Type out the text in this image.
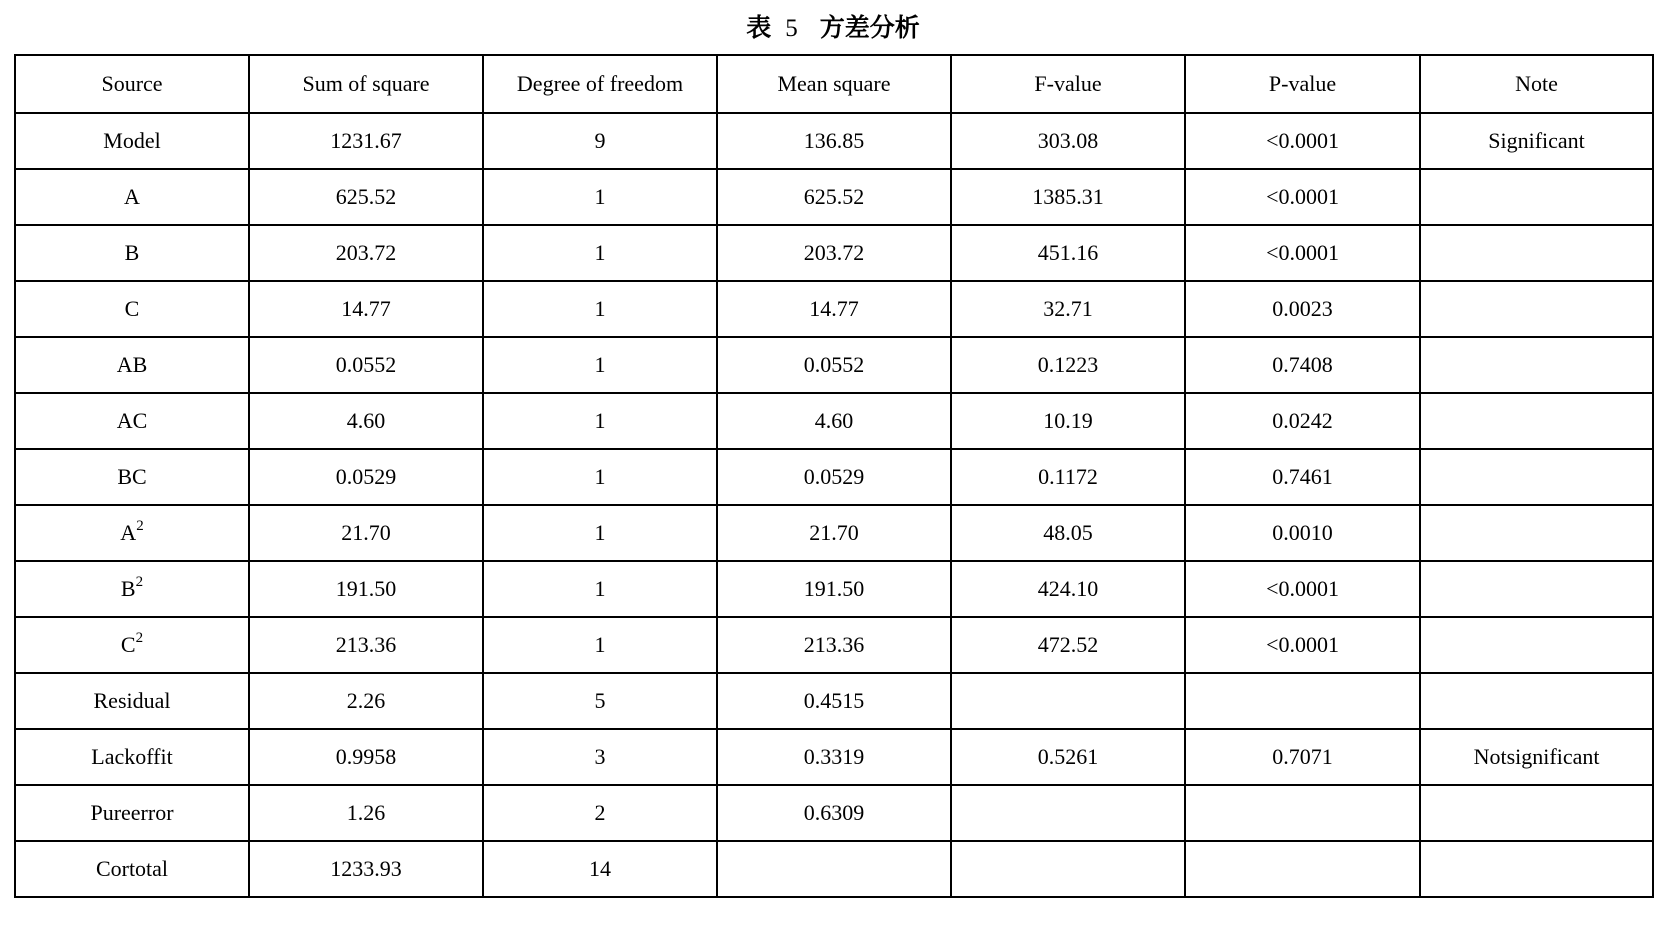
表 5 方差分析
Source	Sum of square	Degree of freedom	Mean square	F-value	P-value	Note
Model	1231.67	9	136.85	303.08	<0.0001	Significant
A	625.52	1	625.52	1385.31	<0.0001	
B	203.72	1	203.72	451.16	<0.0001	
C	14.77	1	14.77	32.71	0.0023	
AB	0.0552	1	0.0552	0.1223	0.7408	
AC	4.60	1	4.60	10.19	0.0242	
BC	0.0529	1	0.0529	0.1172	0.7461	
$A^2$	21.70	1	21.70	48.05	0.0010	
$B^2$	191.50	1	191.50	424.10	<0.0001	
$C^2$	213.36	1	213.36	472.52	<0.0001	
Residual	2.26	5	0.4515			
Lackoffit	0.9958	3	0.3319	0.5261	0.7071	Notsignificant
Pureerror	1.26	2	0.6309			
Cortotal	1233.93	14				
